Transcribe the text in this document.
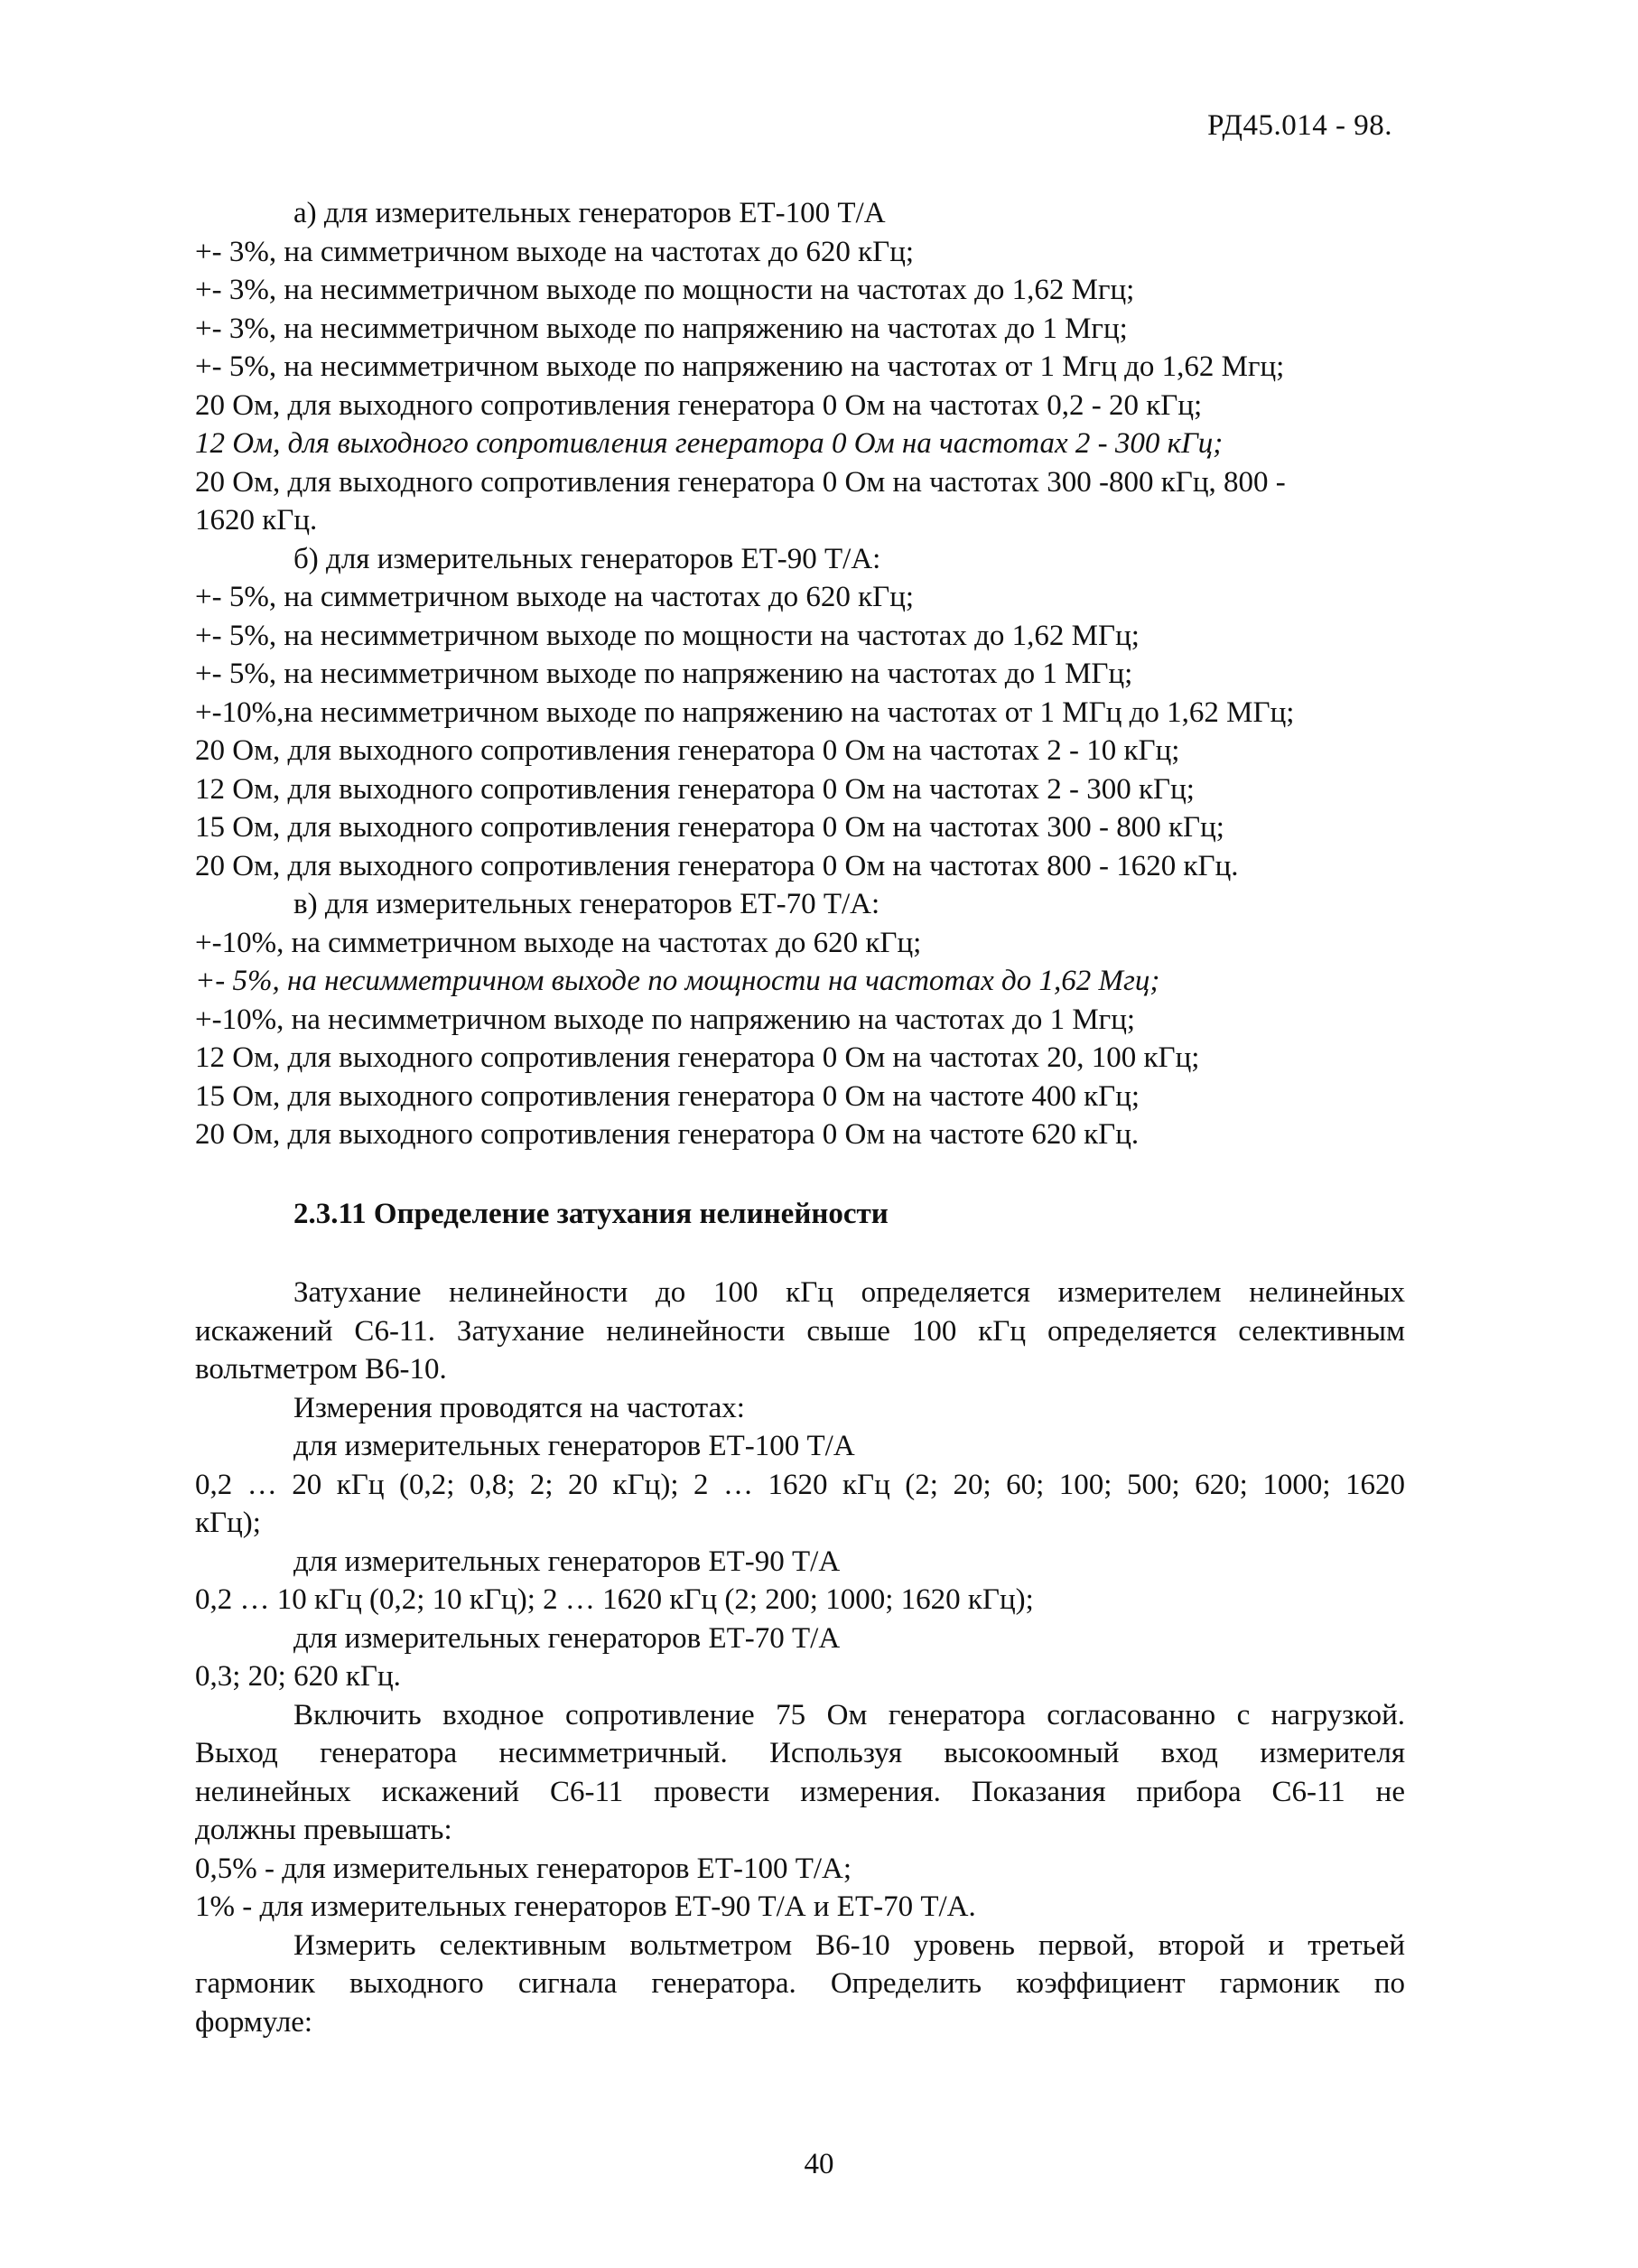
РД45.014 - 98.
а) для измерительных генераторов ЕТ-100 Т/А
+- 3%, на симметричном выходе на частотах до 620 кГц;
+- 3%, на несимметричном выходе по мощности на частотах до 1,62 Мгц;
+- 3%, на несимметричном выходе по напряжению на частотах до 1 Мгц;
+- 5%, на несимметричном выходе по напряжению на частотах от 1 Мгц до 1,62 Мгц;
20 Ом, для выходного сопротивления генератора 0 Ом на частотах 0,2 - 20 кГц;
12 Ом, для выходного сопротивления генератора 0 Ом на частотах 2 - 300 кГц;
20 Ом, для выходного сопротивления генератора 0 Ом на частотах 300 -800 кГц, 800 -
1620 кГц.
б) для измерительных генераторов ЕТ-90 Т/А:
+- 5%, на симметричном выходе на частотах до 620 кГц;
+- 5%, на несимметричном выходе по мощности на частотах до 1,62 МГц;
+- 5%, на несимметричном выходе по напряжению на частотах до 1 МГц;
+-10%,на несимметричном выходе по напряжению на частотах от 1 МГц до 1,62 МГц;
20 Ом, для выходного сопротивления генератора 0 Ом на частотах 2 - 10 кГц;
12 Ом, для выходного сопротивления генератора 0 Ом на частотах 2 - 300 кГц;
15 Ом, для выходного сопротивления генератора 0 Ом на частотах 300 - 800 кГц;
20 Ом, для выходного сопротивления генератора 0 Ом на частотах 800 - 1620 кГц.
в) для измерительных генераторов ЕТ-70 Т/А:
+-10%, на симметричном выходе на частотах до 620 кГц;
+- 5%, на несимметричном выходе по мощности на частотах до 1,62 Мгц;
+-10%, на несимметричном выходе по напряжению на частотах до 1 Мгц;
12 Ом, для выходного сопротивления генератора 0 Ом на частотах 20, 100 кГц;
15 Ом, для выходного сопротивления генератора 0 Ом на частоте 400 кГц;
20 Ом, для выходного сопротивления генератора 0 Ом на частоте 620 кГц.
2.3.11 Определение затухания нелинейности
Затухание нелинейности до 100 кГц определяется измерителем нелинейных
искажений С6-11. Затухание нелинейности свыше 100 кГц определяется селективным
вольтметром В6-10.
Измерения проводятся на частотах:
для измерительных генераторов ЕТ-100 Т/А
0,2 … 20 кГц (0,2; 0,8; 2; 20 кГц); 2 … 1620 кГц (2; 20; 60; 100; 500; 620; 1000; 1620
кГц);
для измерительных генераторов ЕТ-90 Т/А
0,2 … 10 кГц (0,2; 10 кГц); 2 … 1620 кГц (2; 200; 1000; 1620 кГц);
для измерительных генераторов ЕТ-70 Т/А
0,3; 20; 620 кГц.
Включить входное сопротивление 75 Ом генератора согласованно с нагрузкой.
Выход генератора несимметричный. Используя высокоомный вход измерителя
нелинейных искажений С6-11 провести измерения. Показания прибора С6-11 не
должны превышать:
0,5% - для измерительных генераторов ЕТ-100 Т/А;
1% - для измерительных генераторов ЕТ-90 Т/А и ЕТ-70 Т/А.
Измерить селективным вольтметром В6-10 уровень первой, второй и третьей
гармоник выходного сигнала генератора. Определить коэффициент гармоник по
формуле:
40
